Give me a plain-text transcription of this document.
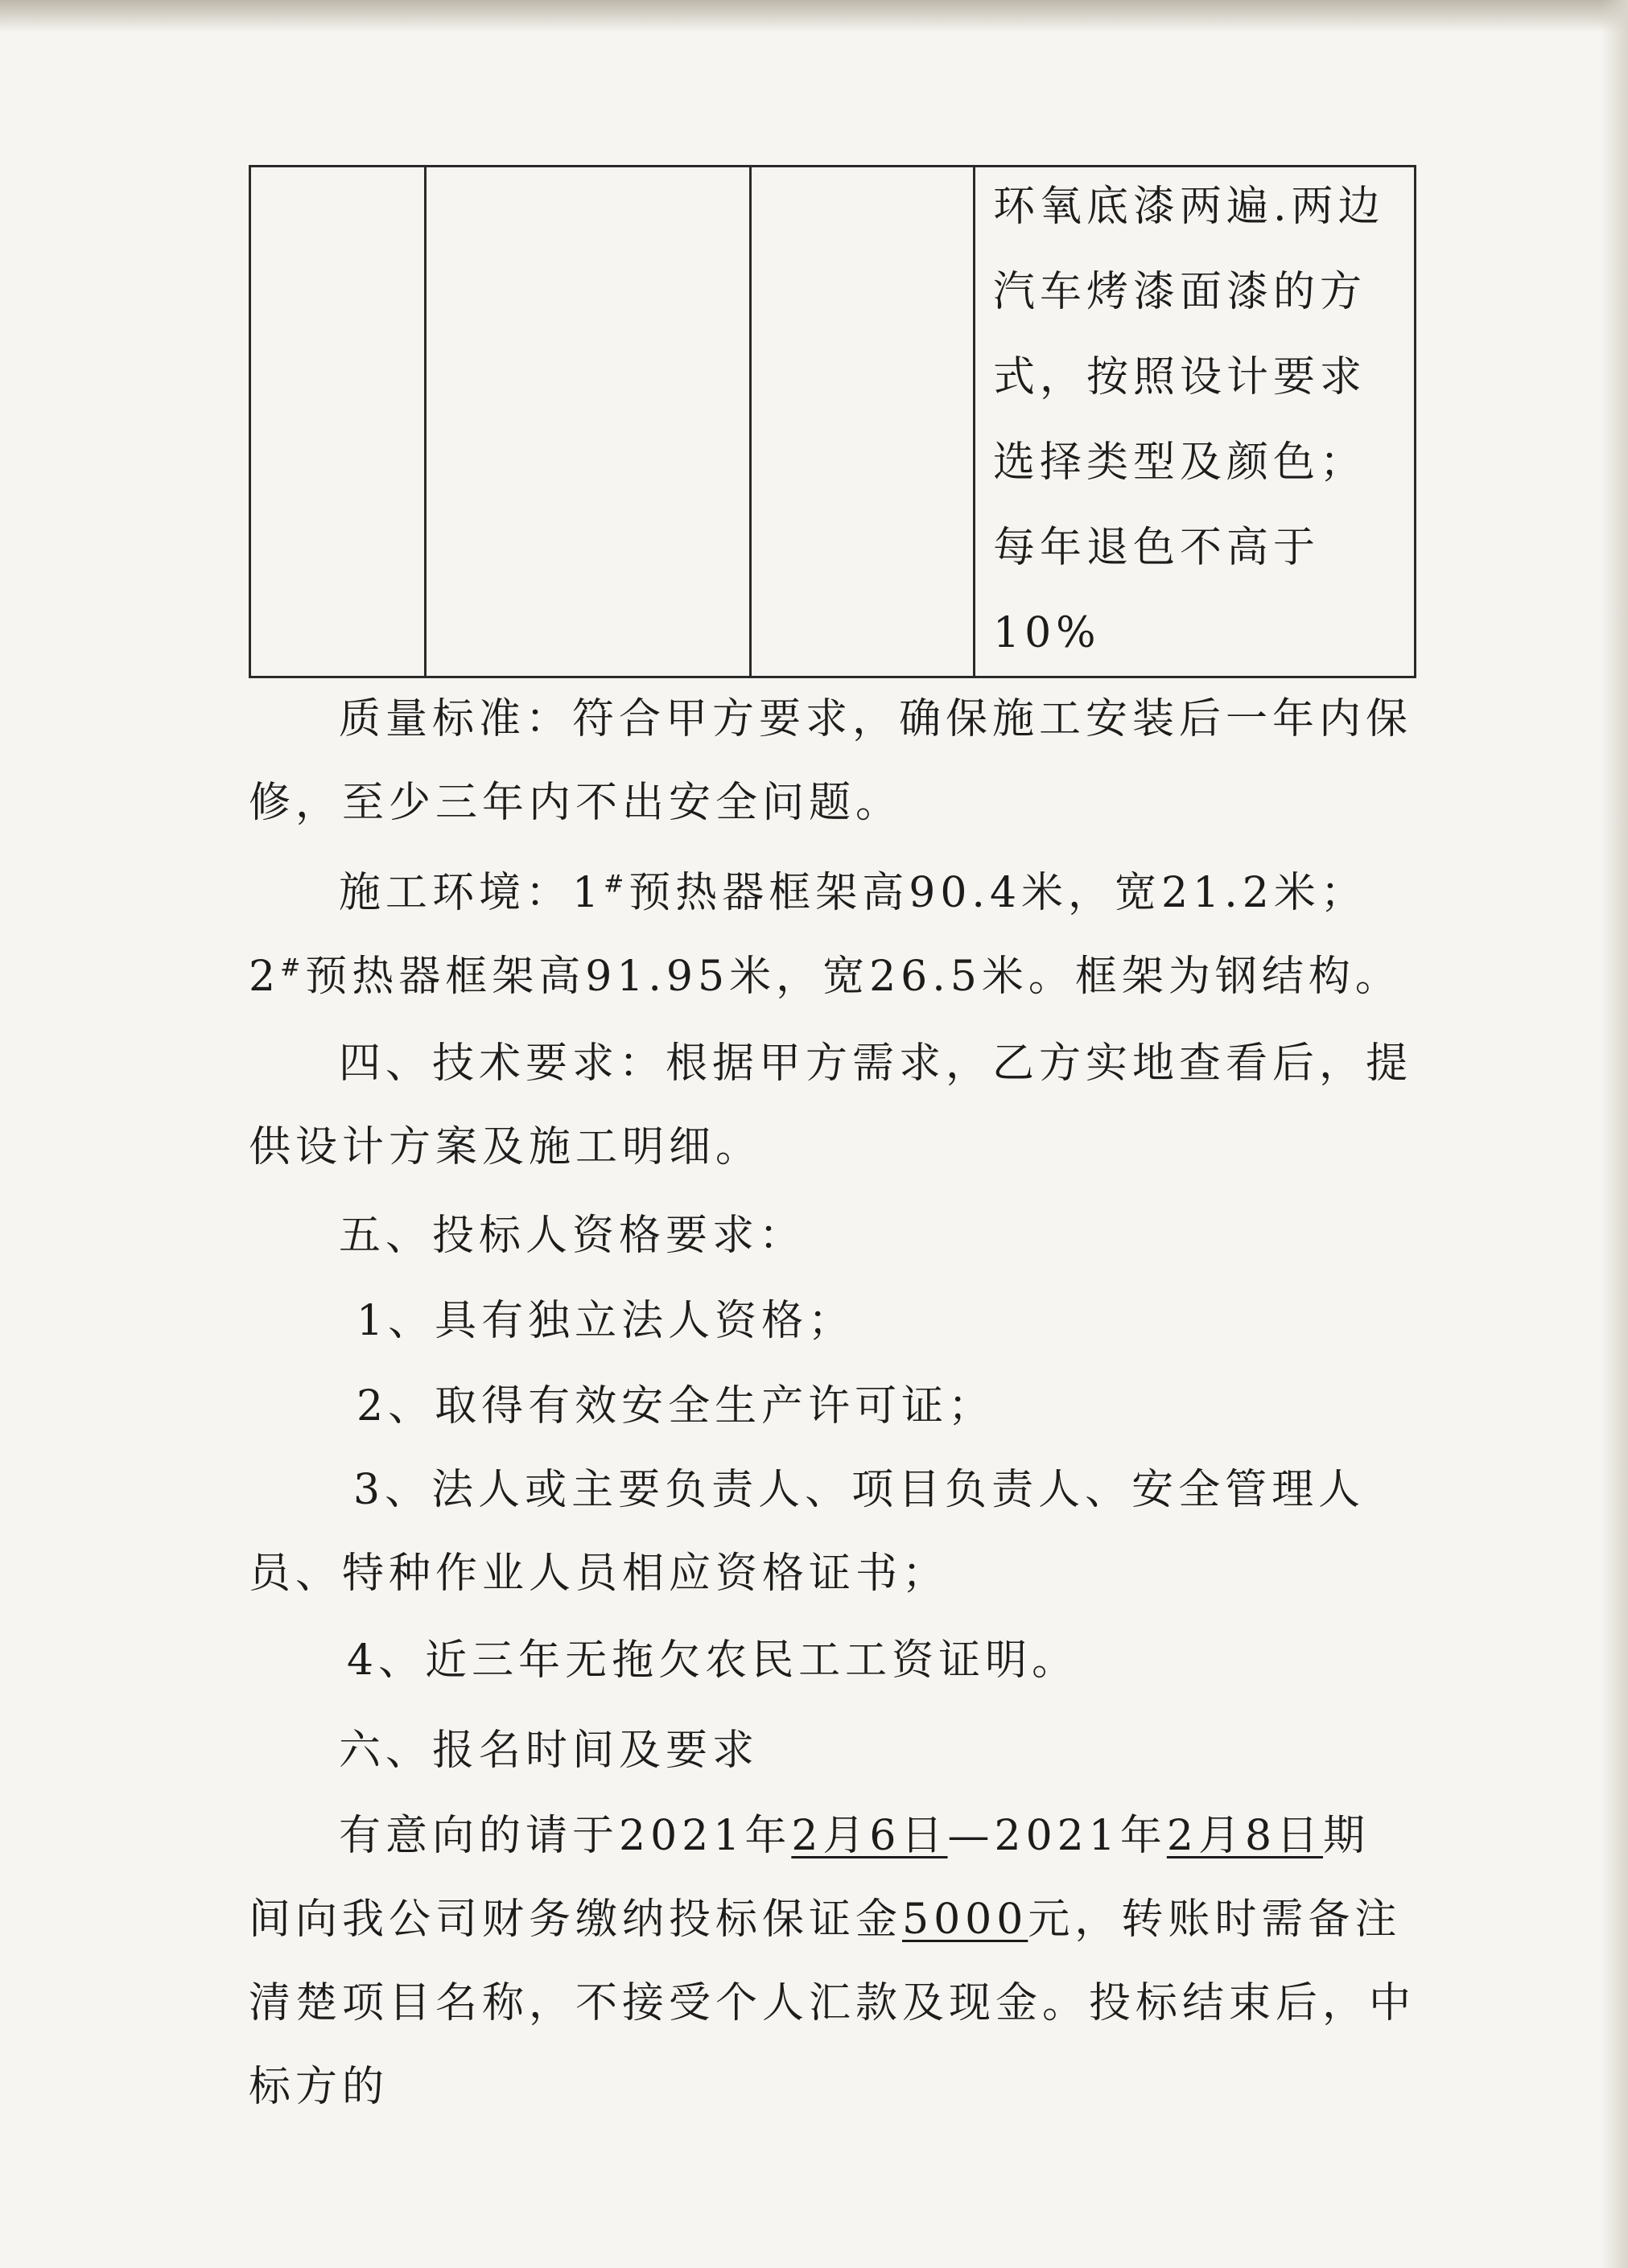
环氧底漆两遍.两边汽车烤漆面漆的方式，按照设计要求选择类型及颜色；每年退色不高于10%

质量标准：符合甲方要求，确保施工安装后一年内保修，至少三年内不出安全问题。

施工环境：1#预热器框架高90.4米，宽21.2米；2#预热器框架高91.95米，宽26.5米。框架为钢结构。

四、技术要求：根据甲方需求，乙方实地查看后，提供设计方案及施工明细。

五、投标人资格要求：

1、具有独立法人资格；

2、取得有效安全生产许可证；

3、法人或主要负责人、项目负责人、安全管理人员、特种作业人员相应资格证书；

4、近三年无拖欠农民工工资证明。

六、报名时间及要求

有意向的请于2021年2月6日—2021年2月8日期间向我公司财务缴纳投标保证金5000元，转账时需备注清楚项目名称，不接受个人汇款及现金。投标结束后，中标方的
